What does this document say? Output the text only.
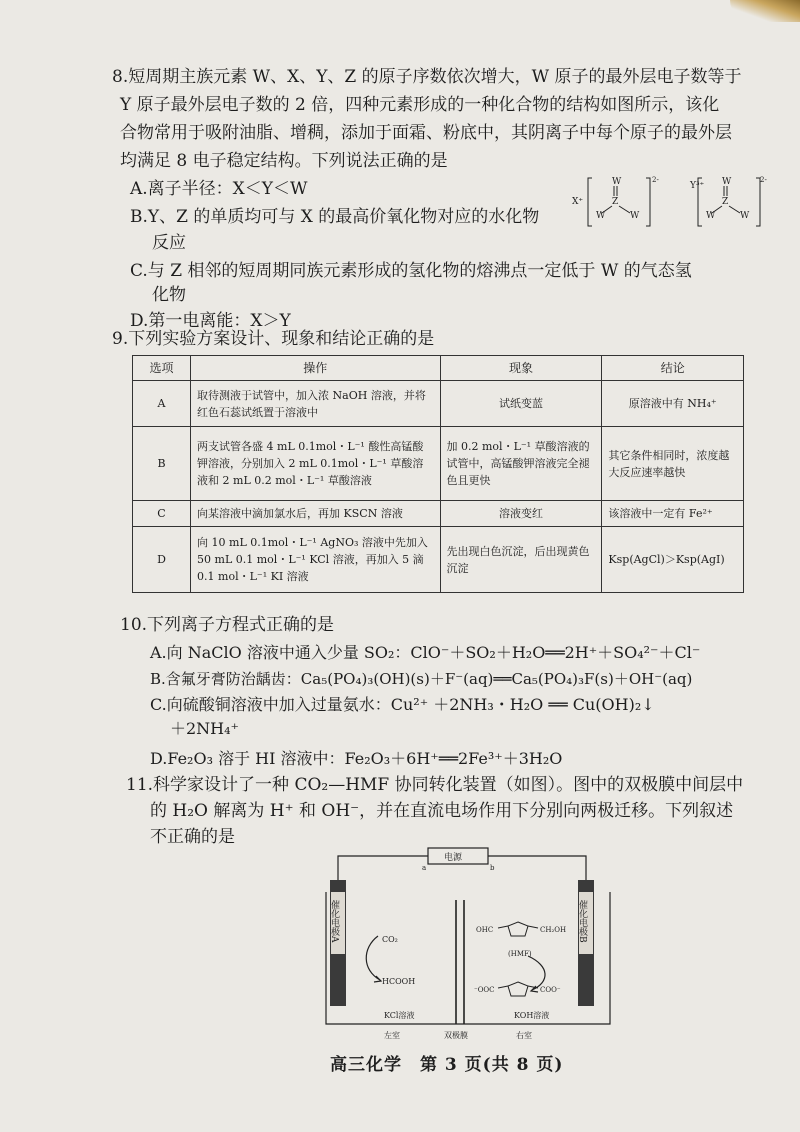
8.短周期主族元素 W、X、Y、Z 的原子序数依次增大，W 原子的最外层电子数等于
Y 原子最外层电子数的 2 倍，四种元素形成的一种化合物的结构如图所示，该化
合物常用于吸附油脂、增稠，添加于面霜、粉底中，其阴离子中每个原子的最外层
均满足 8 电子稳定结构。下列说法正确的是
A.离子半径：X＜Y＜W
B.Y、Z 的单质均可与 X 的最高价氧化物对应的水化物
反应
C.与 Z 相邻的短周期同族元素形成的氢化物的熔沸点一定低于 W 的气态氢
化物
D.第一电离能：X＞Y
X⁺
Y³⁺
2-	2-
W
Z
W	W
W
Z
W	W
9.下列实验方案设计、现象和结论正确的是
选项	操作	现象	结论
A	取待测液于试管中，加入浓 NaOH 溶液，并将红色石蕊试纸置于溶液中	试纸变蓝	原溶液中有 NH₄⁺
B	两支试管各盛 4 mL 0.1mol・L⁻¹ 酸性高锰酸钾溶液，分别加入 2 mL 0.1mol・L⁻¹ 草酸溶液和 2 mL 0.2 mol・L⁻¹ 草酸溶液	加 0.2 mol・L⁻¹ 草酸溶液的试管中，高锰酸钾溶液完全褪色且更快	其它条件相同时，浓度越大反应速率越快
C	向某溶液中滴加氯水后，再加 KSCN 溶液	溶液变红	该溶液中一定有 Fe²⁺
D	向 10 mL 0.1mol・L⁻¹ AgNO₃ 溶液中先加入 50 mL 0.1 mol・L⁻¹ KCl 溶液，再加入 5 滴 0.1 mol・L⁻¹ KI 溶液	先出现白色沉淀，后出现黄色沉淀	Ksp(AgCl)＞Ksp(AgI)
10.下列离子方程式正确的是
A.向 NaClO 溶液中通入少量 SO₂：ClO⁻＋SO₂＋H₂O══2H⁺＋SO₄²⁻＋Cl⁻
B.含氟牙膏防治龋齿：Ca₅(PO₄)₃(OH)(s)＋F⁻(aq)══Ca₅(PO₄)₃F(s)＋OH⁻(aq)
C.向硫酸铜溶液中加入过量氨水：Cu²⁺ ＋2NH₃・H₂O ══ Cu(OH)₂↓
＋2NH₄⁺
D.Fe₂O₃ 溶于 HI 溶液中：Fe₂O₃＋6H⁺══2Fe³⁺＋3H₂O
11.科学家设计了一种 CO₂—HMF 协同转化装置（如图）。图中的双极膜中间层中
的 H₂O 解离为 H⁺ 和 OH⁻，并在直流电场作用下分别向两极迁移。下列叙述
不正确的是
电源
a	b
催化电极A	催化电极B
CO₂
HCOOH
KCl溶液	KOH溶液
OHC	CH₂OH
(HMF)
⁻OOC	COO⁻
左室	双极膜	右室
高三化学　第 3 页(共 8 页)
